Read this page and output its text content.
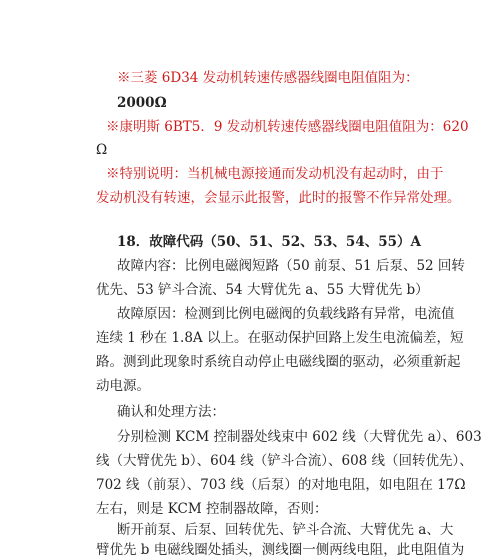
※三菱 6D34 发动机转速传感器线圈电阻值阻为：
2000Ω
※康明斯 6BT5．9 发动机转速传感器线圈电阻值阻为：620
Ω
※特别说明：当机械电源接通而发动机没有起动时，由于
发动机没有转速，会显示此报警，此时的报警不作异常处理。
18．故障代码（50、51、52、53、54、55）A
故障内容：比例电磁阀短路（50 前泵、51 后泵、52 回转
优先、53 铲斗合流、54 大臂优先 a、55 大臂优先 b）
故障原因：检测到比例电磁阀的负载线路有异常，电流值
连续 1 秒在 1.8A 以上。在驱动保护回路上发生电流偏差，短
路。测到此现象时系统自动停止电磁线圈的驱动，必须重新起
动电源。
确认和处理方法：
分别检测 KCM 控制器处线束中 602 线（大臂优先 a）、603
线（大臂优先 b）、604 线（铲斗合流）、608 线（回转优先）、
702 线（前泵）、703 线（后泵）的对地电阻，如电阻在 17Ω
左右，则是 KCM 控制器故障，否则：
断开前泵、后泵、回转优先、铲斗合流、大臂优先 a、大
臂优先 b 电磁线圈处插头，测线圈一侧两线电阻，此电阻值为
